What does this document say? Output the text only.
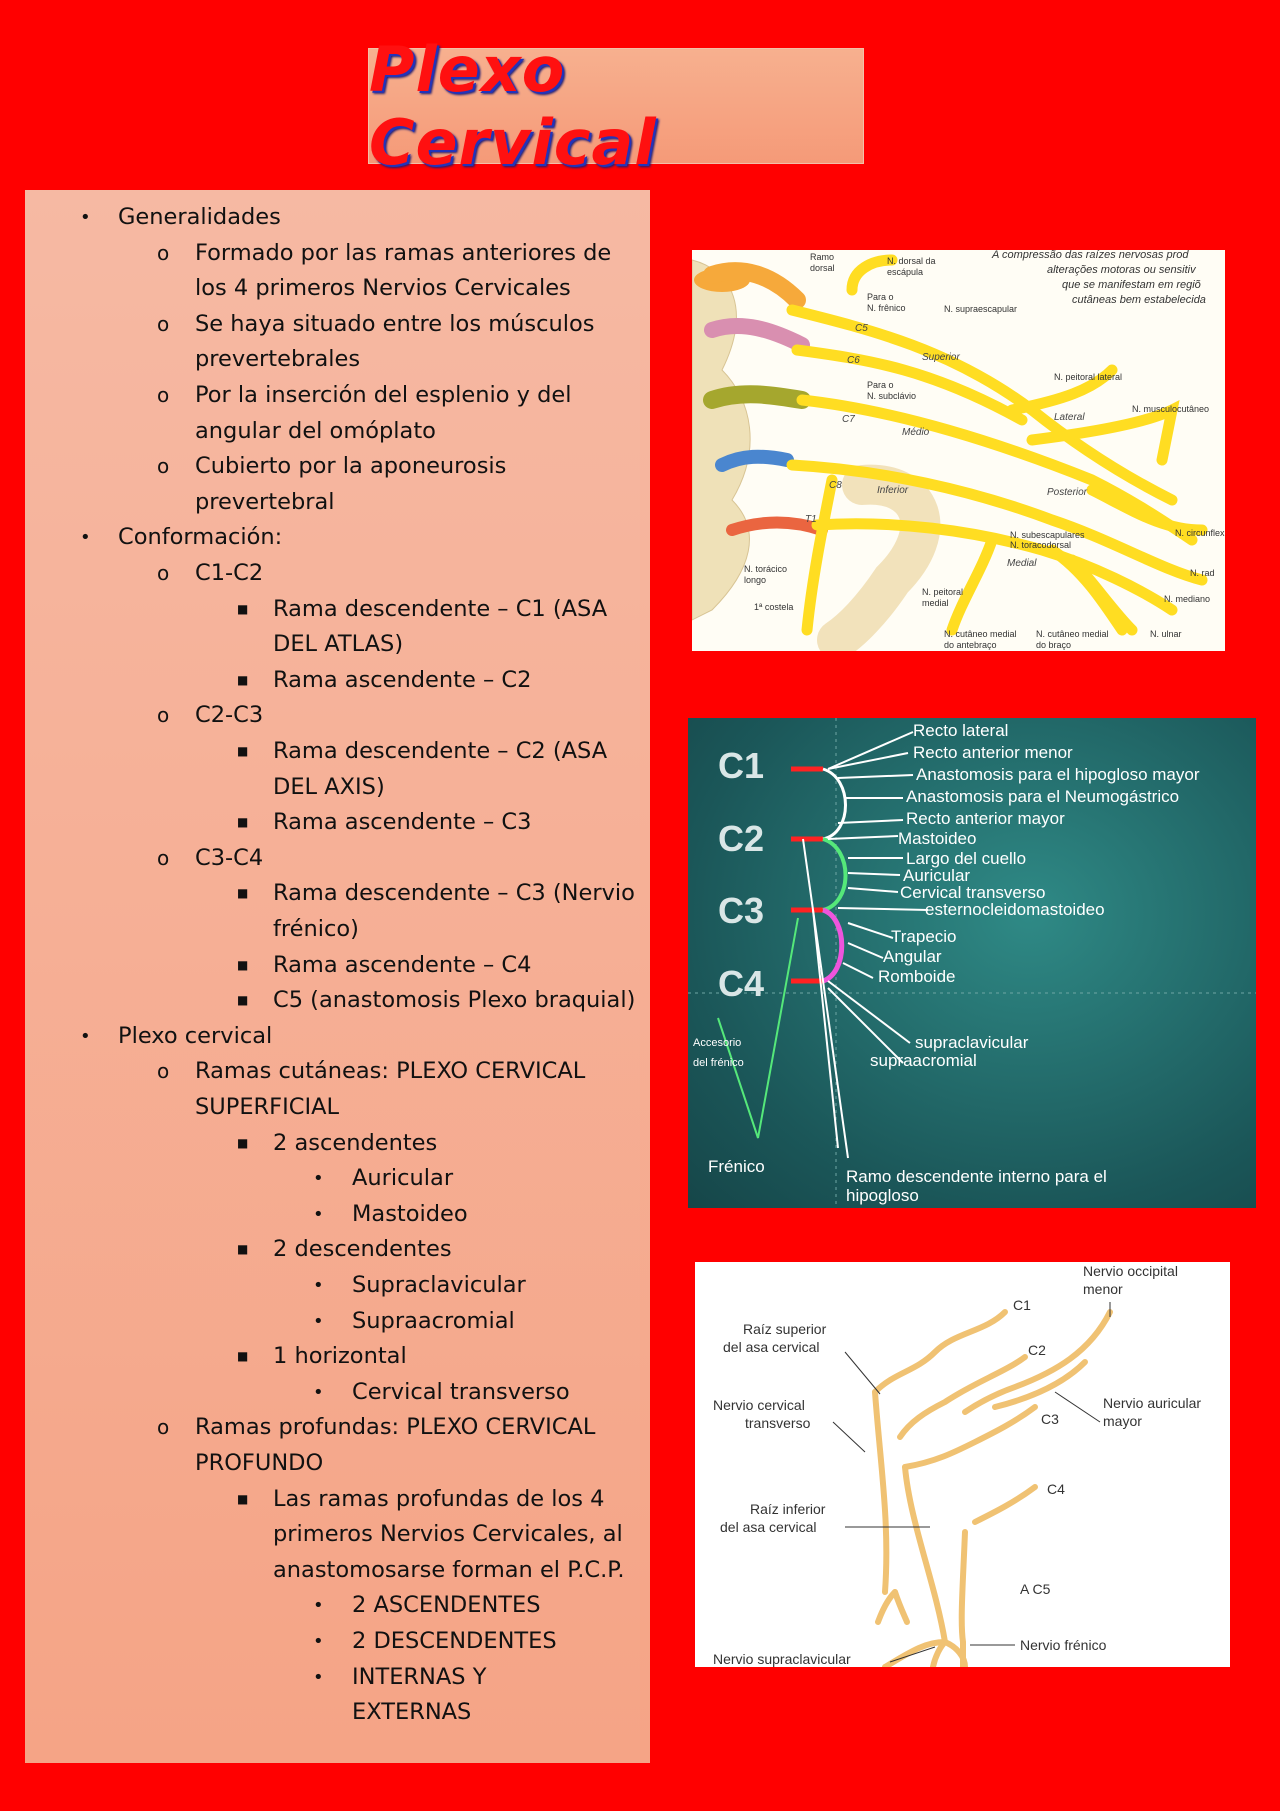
Plexo Cervical
• Generalidades
o Formado por las ramas anteriores de
los 4 primeros Nervios Cervicales
o Se haya situado entre los músculos
prevertebrales
o Por la inserción del esplenio y del
angular del omóplato
o Cubierto por la aponeurosis
prevertebral
• Conformación:
o C1-C2
■ Rama descendente – C1 (ASA
DEL ATLAS)
■ Rama ascendente – C2
o C2-C3
■ Rama descendente – C2 (ASA
DEL AXIS)
■ Rama ascendente – C3
o C3-C4
■ Rama descendente – C3 (Nervio
frénico)
■ Rama ascendente – C4
■ C5 (anastomosis Plexo braquial)
• Plexo cervical
o Ramas cutáneas: PLEXO CERVICAL
SUPERFICIAL
■ 2 ascendentes
• Auricular
• Mastoideo
■ 2 descendentes
• Supraclavicular
• Supraacromial
■ 1 horizontal
• Cervical transverso
o Ramas profundas: PLEXO CERVICAL
PROFUNDO
■ Las ramas profundas de los 4
primeros Nervios Cervicales, al
anastomosarse forman el P.C.P.
• 2 ASCENDENTES
• 2 DESCENDENTES
• INTERNAS Y
EXTERNAS
Ramo
dorsal
N. dorsal da
escápula
Para o
N. frênico	N. supraescapular
Para o
N. subclávio
N. peitoral lateral
N. musculocutâneo
N. subescapulares
N. toracodorsal
N. circunflex
N. rad
N. torácico
longo
1ª costela
N. peitoral
medial	N. mediano
N. cutâneo medial
do antebraço
N. cutâneo medial
do braço
N. ulnar
A compressão das raízes nervosas prod
alterações motoras ou sensitiv
que se manifestam em regiõ
cutâneas bem estabelecida
C5
C6
C7
C8
T1
Superior
Médio
Inferior
Lateral
Posterior
Medial
C1
C2
C3
C4
Recto lateral
Recto anterior menor
Anastomosis para el hipogloso mayor
Anastomosis para el Neumogástrico
Recto anterior mayor
Mastoideo
Largo del cuello
Auricular
Cervical transverso
esternocleidomastoideo
Trapecio
Angular
Romboide
supraclavicular
supraacromial
Ramo descendente interno para el
hipogloso
Frénico
Accesorio
del frénico
C1
C2
C3
C4
A C5
Nervio occipital
menor
Raíz superior
del asa cervical
Nervio auricular
mayor
Nervio cervical
transverso
Raíz inferior
del asa cervical
Nervio frénico
Nervio supraclavicular
